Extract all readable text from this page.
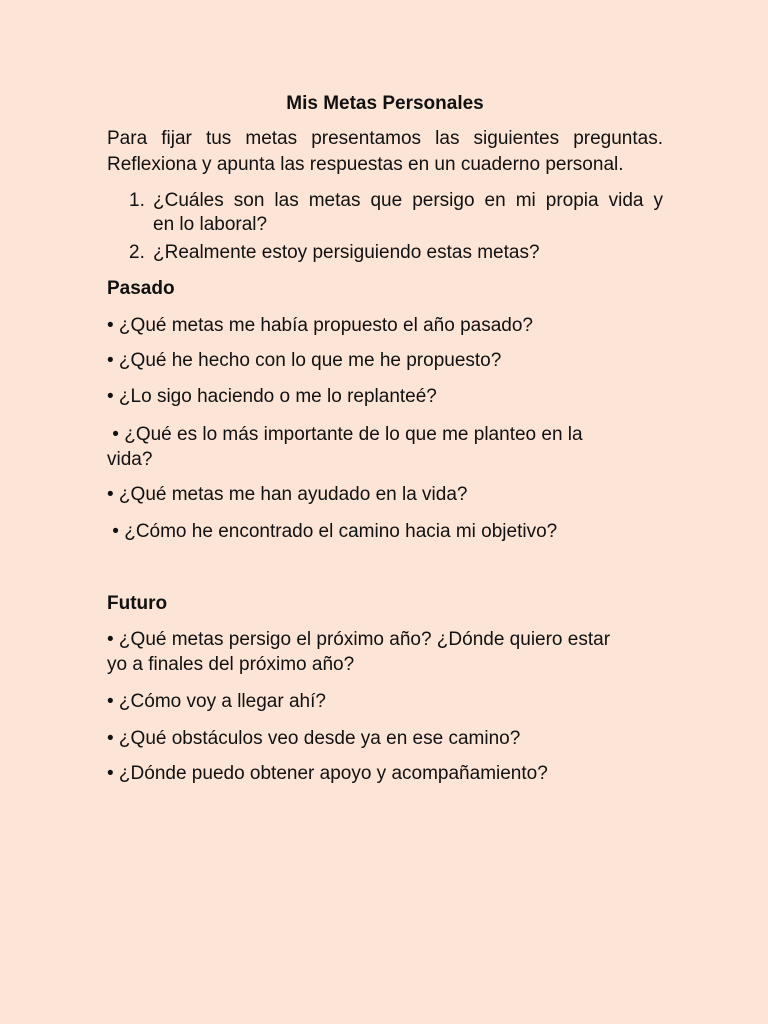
Mis Metas Personales

Para fijar tus metas presentamos las siguientes preguntas.
Reflexiona y apunta las respuestas en un cuaderno personal.

1. ¿Cuáles son las metas que persigo en mi propia vida y
en lo laboral?
2. ¿Realmente estoy persiguiendo estas metas?
Pasado

• ¿Qué metas me había propuesto el año pasado?

• ¿Qué he hecho con lo que me he propuesto?

• ¿Lo sigo haciendo o me lo replanteé?

• ¿Qué es lo más importante de lo que me planteo en la

vida?

• ¿Qué metas me han ayudado en la vida?

• ¿Cómo he encontrado el camino hacia mi objetivo?

Futuro

• ¿Qué metas persigo el próximo año? ¿Dónde quiero estar

yo a finales del próximo año?

• ¿Cómo voy a llegar ahí?

• ¿Qué obstáculos veo desde ya en ese camino?

• ¿Dónde puedo obtener apoyo y acompañamiento?
